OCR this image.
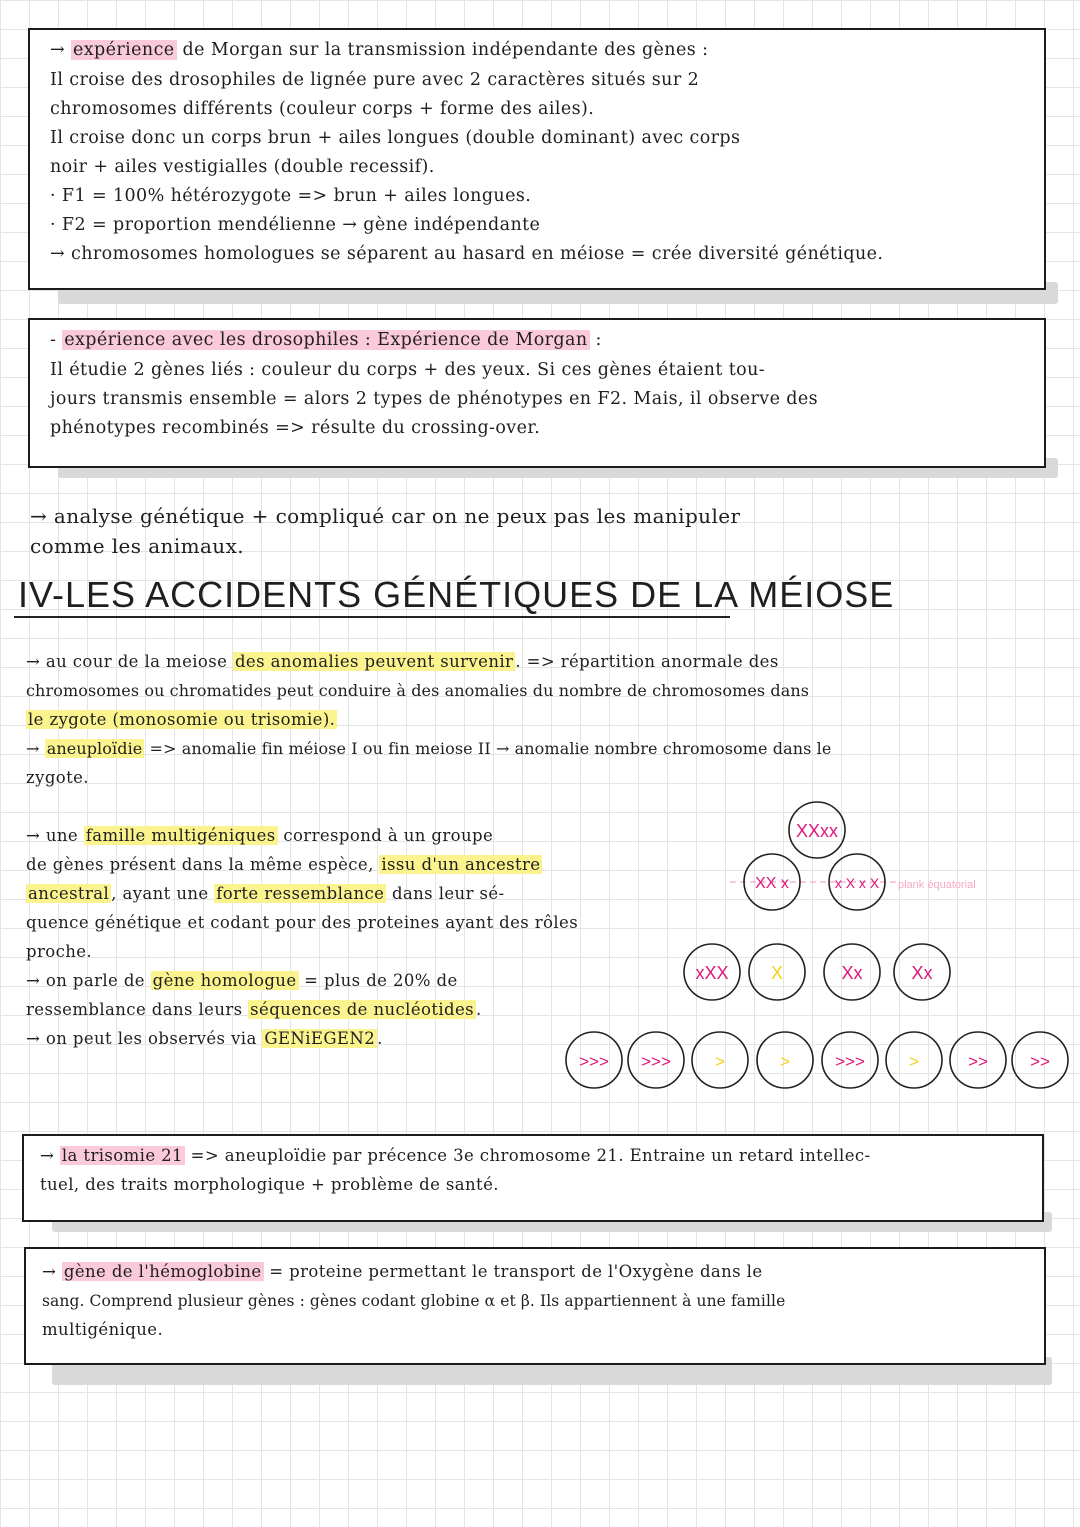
→ expérience de Morgan sur la transmission indépendante des gènes :
Il croise des drosophiles de lignée pure avec 2 caractères situés sur 2
chromosomes différents (couleur corps + forme des ailes).
Il croise donc un corps brun + ailes longues (double dominant) avec corps
noir + ailes vestigialles (double recessif).
· F1 = 100% hétérozygote => brun + ailes longues.
· F2 = proportion mendélienne → gène indépendante
→ chromosomes homologues se séparent au hasard en méiose = crée diversité génétique.
- expérience avec les drosophiles : Expérience de Morgan :
Il étudie 2 gènes liés : couleur du corps + des yeux. Si ces gènes étaient tou-
jours transmis ensemble = alors 2 types de phénotypes en F2. Mais, il observe des
phénotypes recombinés => résulte du crossing-over.
→ analyse génétique + compliqué car on ne peux pas les manipuler
comme les animaux.
IV-LES ACCIDENTS GÉNÉTIQUES DE LA MÉIOSE
→ au cour de la meiose des anomalies peuvent survenir . => répartition anormale des
chromosomes ou chromatides peut conduire à des anomalies du nombre de chromosomes dans
le zygote (monosomie ou trisomie).
→ aneuploïdie => anomalie fin méiose I ou fin meiose II → anomalie nombre chromosome dans le
zygote.
→ une famille multigéniques correspond à un groupe
de gènes présent dans la même espèce, issu d'un ancestre
ancestral , ayant une forte ressemblance dans leur sé-
quence génétique et codant pour des proteines ayant des rôles
proche.
→ on parle de gène homologue = plus de 20% de
ressemblance dans leurs séquences de nucléotides .
→ on peut les observés via GENiEGEN2 .
XXxx
XX x	x X x X plank équatorial
xXX X	Xx	Xx
>>> >>>	>	>	>>>	>	>> >>
→ la trisomie 21 => aneuploïdie par précence 3e chromosome 21. Entraine un retard intellec-
tuel, des traits morphologique + problème de santé.
→ gène de l'hémoglobine = proteine permettant le transport de l'Oxygène dans le
sang. Comprend plusieur gènes : gènes codant globine α et β. Ils appartiennent à une famille
multigénique.
